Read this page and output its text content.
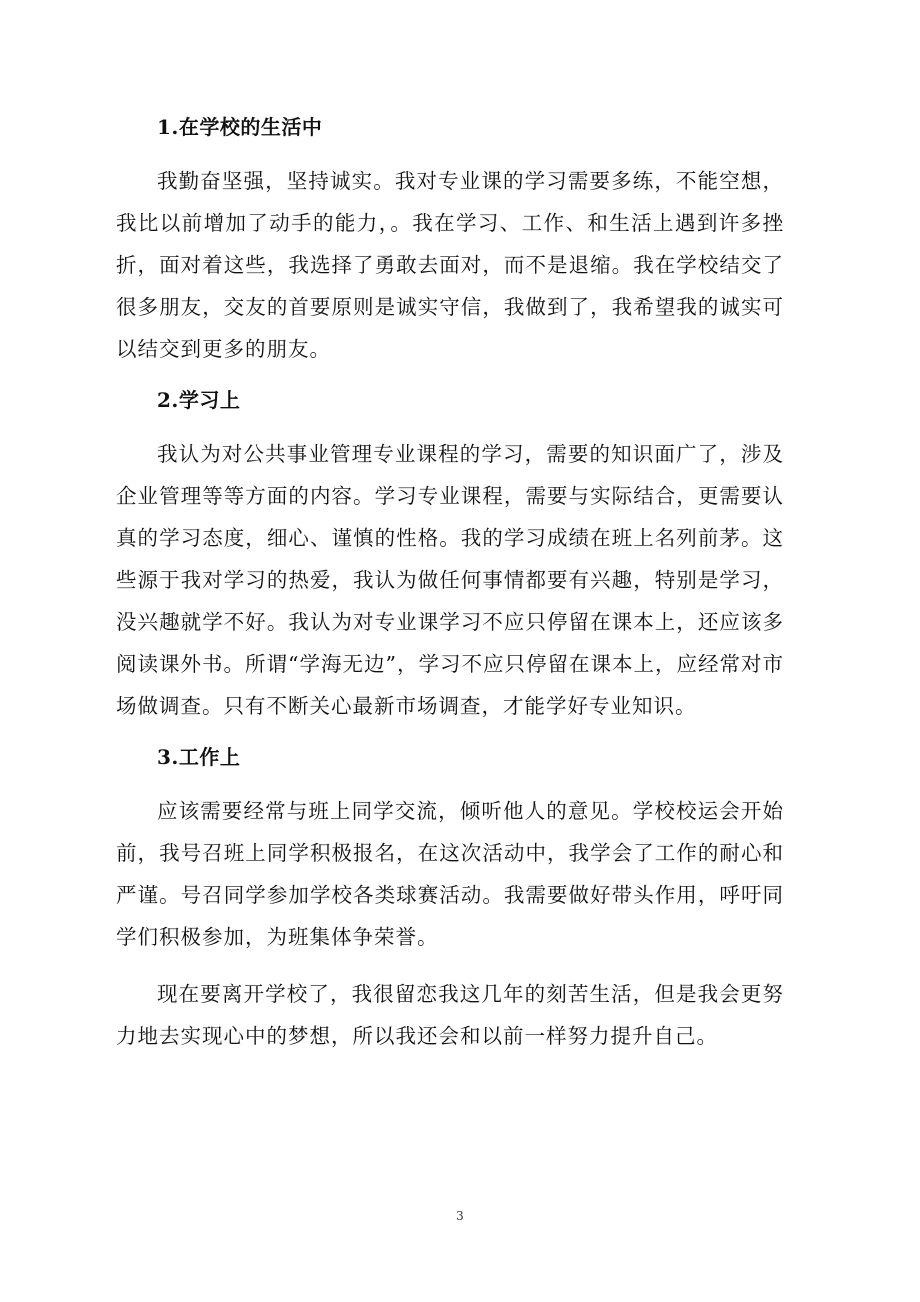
1.在学校的生活中

我勤奋坚强，坚持诚实。我对专业课的学习需要多练，不能空想，我比以前增加了动手的能力，。我在学习、工作、和生活上遇到许多挫折，面对着这些，我选择了勇敢去面对，而不是退缩。我在学校结交了很多朋友，交友的首要原则是诚实守信，我做到了，我希望我的诚实可以结交到更多的朋友。

2.学习上

我认为对公共事业管理专业课程的学习，需要的知识面广了，涉及企业管理等等方面的内容。学习专业课程，需要与实际结合，更需要认真的学习态度，细心、谨慎的性格。我的学习成绩在班上名列前茅。这些源于我对学习的热爱，我认为做任何事情都要有兴趣，特别是学习，没兴趣就学不好。我认为对专业课学习不应只停留在课本上，还应该多阅读课外书。所谓“学海无边”，学习不应只停留在课本上，应经常对市场做调查。只有不断关心最新市场调查，才能学好专业知识。

3.工作上

应该需要经常与班上同学交流，倾听他人的意见。学校校运会开始前，我号召班上同学积极报名，在这次活动中，我学会了工作的耐心和严谨。号召同学参加学校各类球赛活动。我需要做好带头作用，呼吁同学们积极参加，为班集体争荣誉。

现在要离开学校了，我很留恋我这几年的刻苦生活，但是我会更努力地去实现心中的梦想，所以我还会和以前一样努力提升自己。

3
